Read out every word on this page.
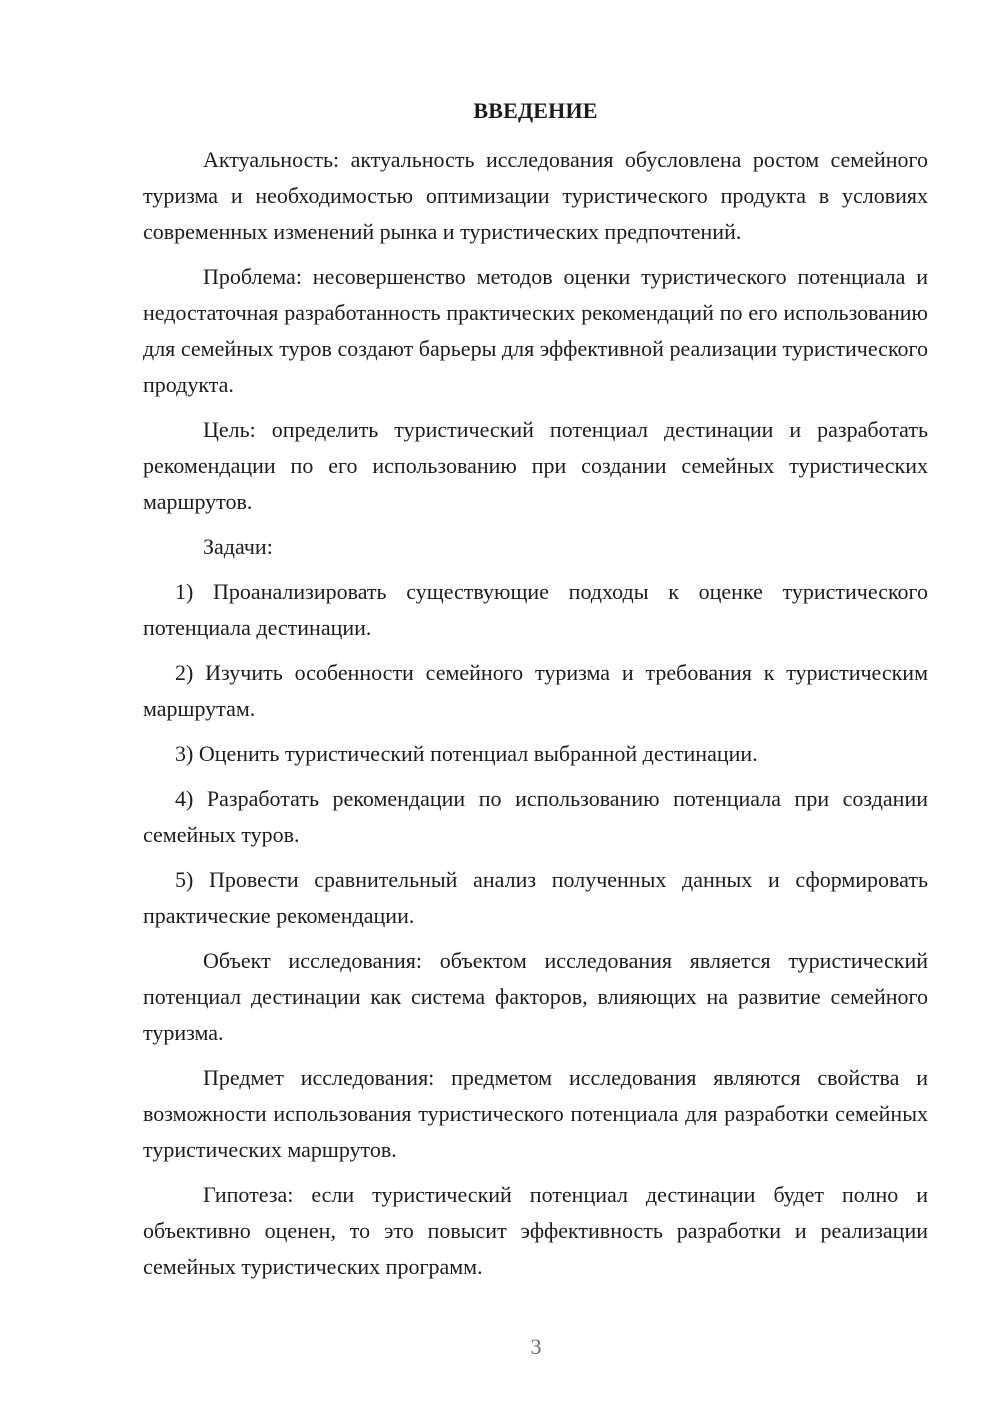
ВВЕДЕНИЕ

Актуальность: актуальность исследования обусловлена ростом семейного туризма и необходимостью оптимизации туристического продукта в условиях современных изменений рынка и туристических предпочтений.

Проблема: несовершенство методов оценки туристического потенциала и недостаточная разработанность практических рекомендаций по его использованию для семейных туров создают барьеры для эффективной реализации туристического продукта.

Цель: определить туристический потенциал дестинации и разработать рекомендации по его использованию при создании семейных туристических маршрутов.

Задачи:

1) Проанализировать существующие подходы к оценке туристического потенциала дестинации.

2) Изучить особенности семейного туризма и требования к туристическим маршрутам.

3) Оценить туристический потенциал выбранной дестинации.

4) Разработать рекомендации по использованию потенциала при создании семейных туров.

5) Провести сравнительный анализ полученных данных и сформировать практические рекомендации.

Объект исследования: объектом исследования является туристический потенциал дестинации как система факторов, влияющих на развитие семейного туризма.

Предмет исследования: предметом исследования являются свойства и возможности использования туристического потенциала для разработки семейных туристических маршрутов.

Гипотеза: если туристический потенциал дестинации будет полно и объективно оценен, то это повысит эффективность разработки и реализации семейных туристических программ.

3
